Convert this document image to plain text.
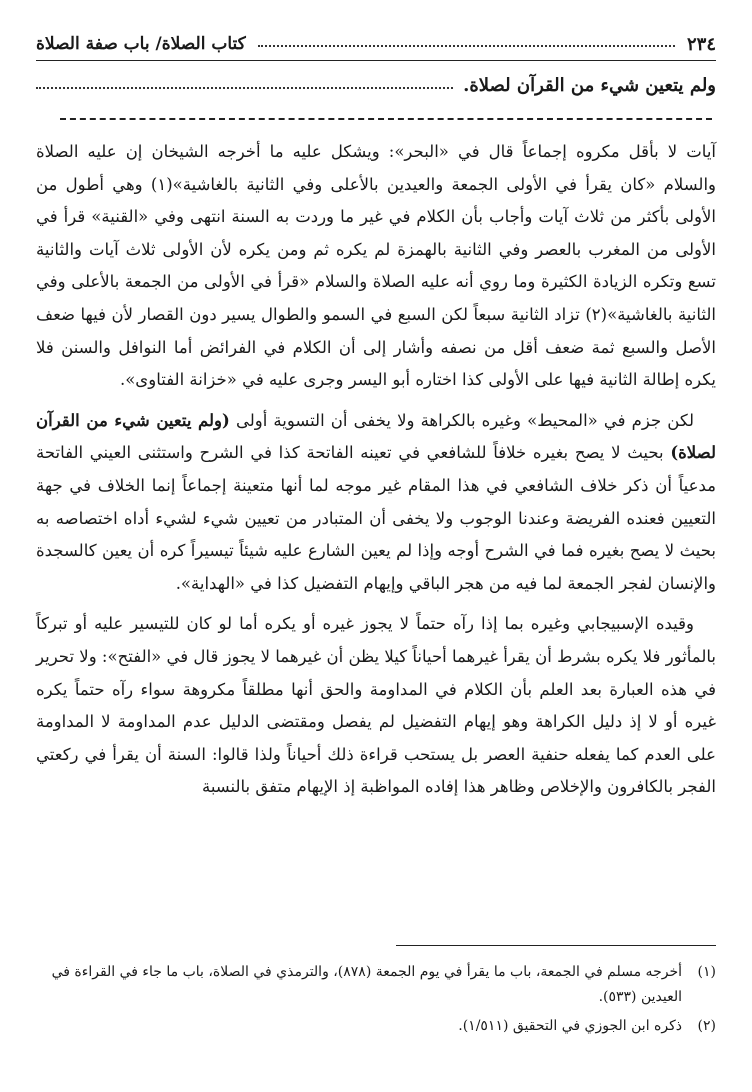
٢٣٤
كتاب الصلاة/ باب صفة الصلاة
ولم يتعين شيء من القرآن لصلاة.

آيات لا بأقل مكروه إجماعاً قال في «البحر»: ويشكل عليه ما أخرجه الشيخان إن عليه الصلاة والسلام «كان يقرأ في الأولى الجمعة والعيدين بالأعلى وفي الثانية بالغاشية»(١) وهي أطول من الأولى بأكثر من ثلاث آيات وأجاب بأن الكلام في غير ما وردت به السنة انتهى وفي «القنية» قرأ في الأولى من المغرب بالعصر وفي الثانية بالهمزة لم يكره ثم ومن يكره لأن الأولى ثلاث آيات والثانية تسع وتكره الزيادة الكثيرة وما روي أنه عليه الصلاة والسلام «قرأ في الأولى من الجمعة بالأعلى وفي الثانية بالغاشية»(٢) تزاد الثانية سبعاً لكن السبع في السمو والطوال يسير دون القصار لأن فيها ضعف الأصل والسبع ثمة ضعف أقل من نصفه وأشار إلى أن الكلام في الفرائض أما النوافل والسنن فلا يكره إطالة الثانية فيها على الأولى كذا اختاره أبو اليسر وجرى عليه في «خزانة الفتاوى».

لكن جزم في «المحيط» وغيره بالكراهة ولا يخفى أن التسوية أولى (ولم يتعين شيء من القرآن لصلاة) بحيث لا يصح بغيره خلافاً للشافعي في تعينه الفاتحة كذا في الشرح واستثنى العيني الفاتحة مدعياً أن ذكر خلاف الشافعي في هذا المقام غير موجه لما أنها متعينة إجماعاً إنما الخلاف في جهة التعيين فعنده الفريضة وعندنا الوجوب ولا يخفى أن المتبادر من تعيين شيء لشيء أداه اختصاصه به بحيث لا يصح بغيره فما في الشرح أوجه وإذا لم يعين الشارع عليه شيئاً تيسيراً كره أن يعين كالسجدة والإنسان لفجر الجمعة لما فيه من هجر الباقي وإيهام التفضيل كذا في «الهداية».

وقيده الإسبيجابي وغيره بما إذا رآه حتماً لا يجوز غيره أو يكره أما لو كان للتيسير عليه أو تبركاً بالمأثور فلا يكره بشرط أن يقرأ غيرهما أحياناً كيلا يظن أن غيرهما لا يجوز قال في «الفتح»: ولا تحرير في هذه العبارة بعد العلم بأن الكلام في المداومة والحق أنها مطلقاً مكروهة سواء رآه حتماً يكره غيره أو لا إذ دليل الكراهة وهو إيهام التفضيل لم يفصل ومقتضى الدليل عدم المداومة لا المداومة على العدم كما يفعله حنفية العصر بل يستحب قراءة ذلك أحياناً ولذا قالوا: السنة أن يقرأ في ركعتي الفجر بالكافرون والإخلاص وظاهر هذا إفاده المواظبة إذ الإيهام متفق بالنسبة

(١)أخرجه مسلم في الجمعة، باب ما يقرأ في يوم الجمعة (٨٧٨)، والترمذي في الصلاة، باب ما جاء في القراءة في العيدين (٥٣٣).
(٢)ذكره ابن الجوزي في التحقيق (١/٥١١).
